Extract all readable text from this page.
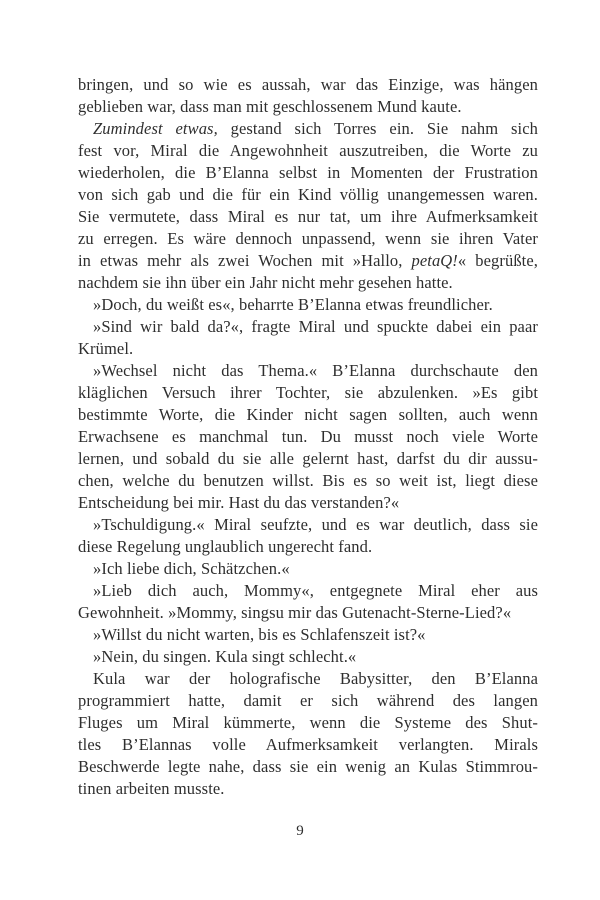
bringen, und so wie es aussah, war das Einzige, was hängen
geblieben war, dass man mit geschlossenem Mund kaute.
Zumindest etwas, gestand sich Torres ein. Sie nahm sich
fest vor, Miral die Angewohnheit auszutreiben, die Worte zu
wiederholen, die B’Elanna selbst in Momenten der Frustration
von sich gab und die für ein Kind völlig unangemessen waren.
Sie vermutete, dass Miral es nur tat, um ihre Aufmerksamkeit
zu erregen. Es wäre dennoch unpassend, wenn sie ihren Vater
in etwas mehr als zwei Wochen mit »Hallo, petaQ!« begrüßte,
nachdem sie ihn über ein Jahr nicht mehr gesehen hatte.
»Doch, du weißt es«, beharrte B’Elanna etwas freundlicher.
»Sind wir bald da?«, fragte Miral und spuckte dabei ein paar
Krümel.
»Wechsel nicht das Thema.« B’Elanna durchschaute den
kläglichen Versuch ihrer Tochter, sie abzulenken. »Es gibt
bestimmte Worte, die Kinder nicht sagen sollten, auch wenn
Erwachsene es manchmal tun. Du musst noch viele Worte
lernen, und sobald du sie alle gelernt hast, darfst du dir aussu-
chen, welche du benutzen willst. Bis es so weit ist, liegt diese
Entscheidung bei mir. Hast du das verstanden?«
»Tschuldigung.« Miral seufzte, und es war deutlich, dass sie
diese Regelung unglaublich ungerecht fand.
»Ich liebe dich, Schätzchen.«
»Lieb dich auch, Mommy«, entgegnete Miral eher aus
Gewohnheit. »Mommy, singsu mir das Gutenacht-Sterne-Lied?«
»Willst du nicht warten, bis es Schlafenszeit ist?«
»Nein, du singen. Kula singt schlecht.«
Kula war der holografische Babysitter, den B’Elanna
programmiert hatte, damit er sich während des langen
Fluges um Miral kümmerte, wenn die Systeme des Shut-
tles B’Elannas volle Aufmerksamkeit verlangten. Mirals
Beschwerde legte nahe, dass sie ein wenig an Kulas Stimmrou-
tinen arbeiten musste.
9
